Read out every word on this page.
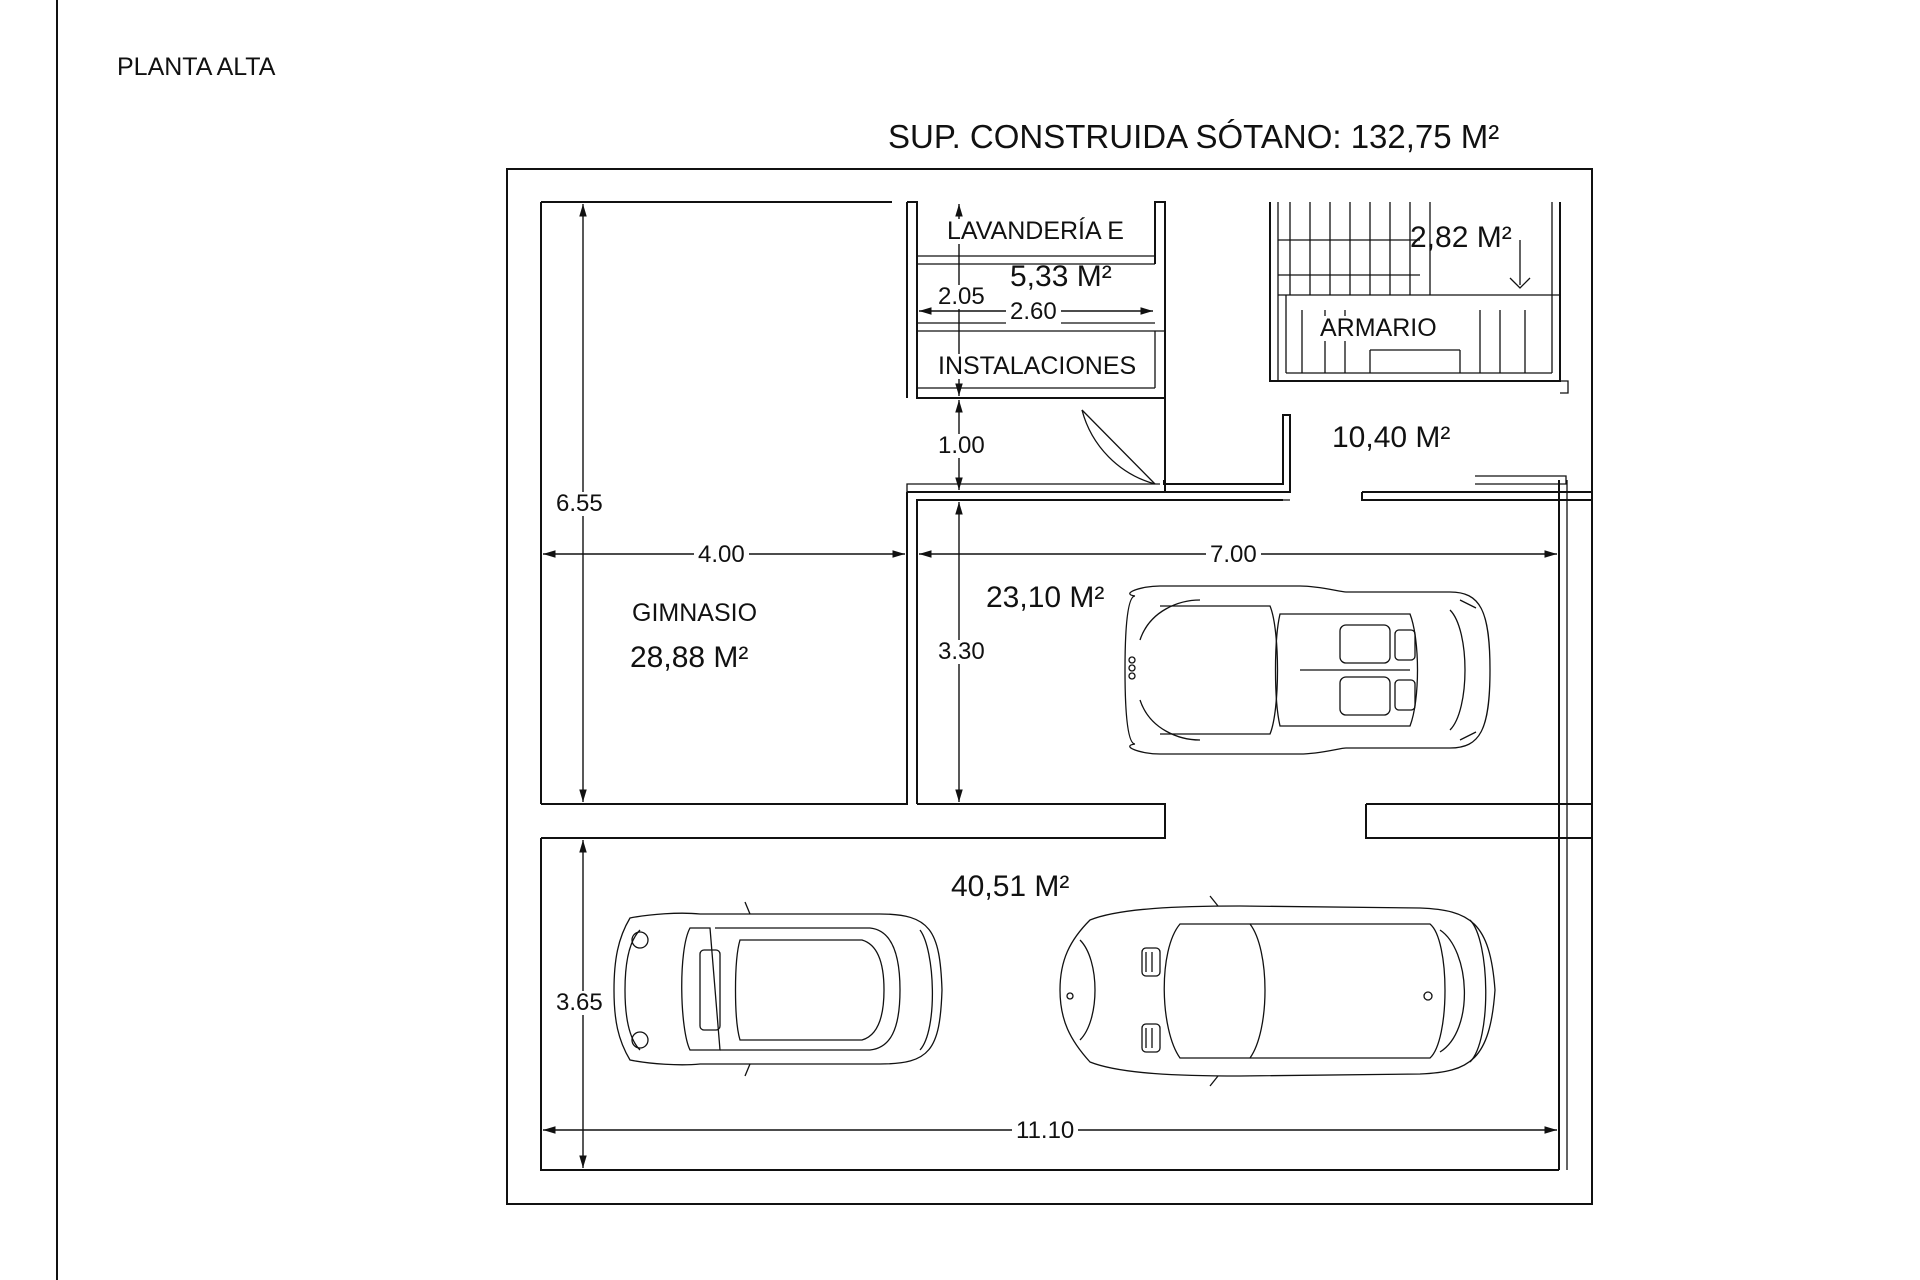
PLANTA ALTA
SUP. CONSTRUIDA SÓTANO: 132,75 M²
LAVANDERÍA E
5,33 M²
INSTALACIONES
2,82 M²
ARMARIO
10,40 M²
GIMNASIO
28,88 M²
23,10 M²
40,51 M²
2.05
2.60
1.00
6.55
4.00	7.00
3.30
3.65
11.10
